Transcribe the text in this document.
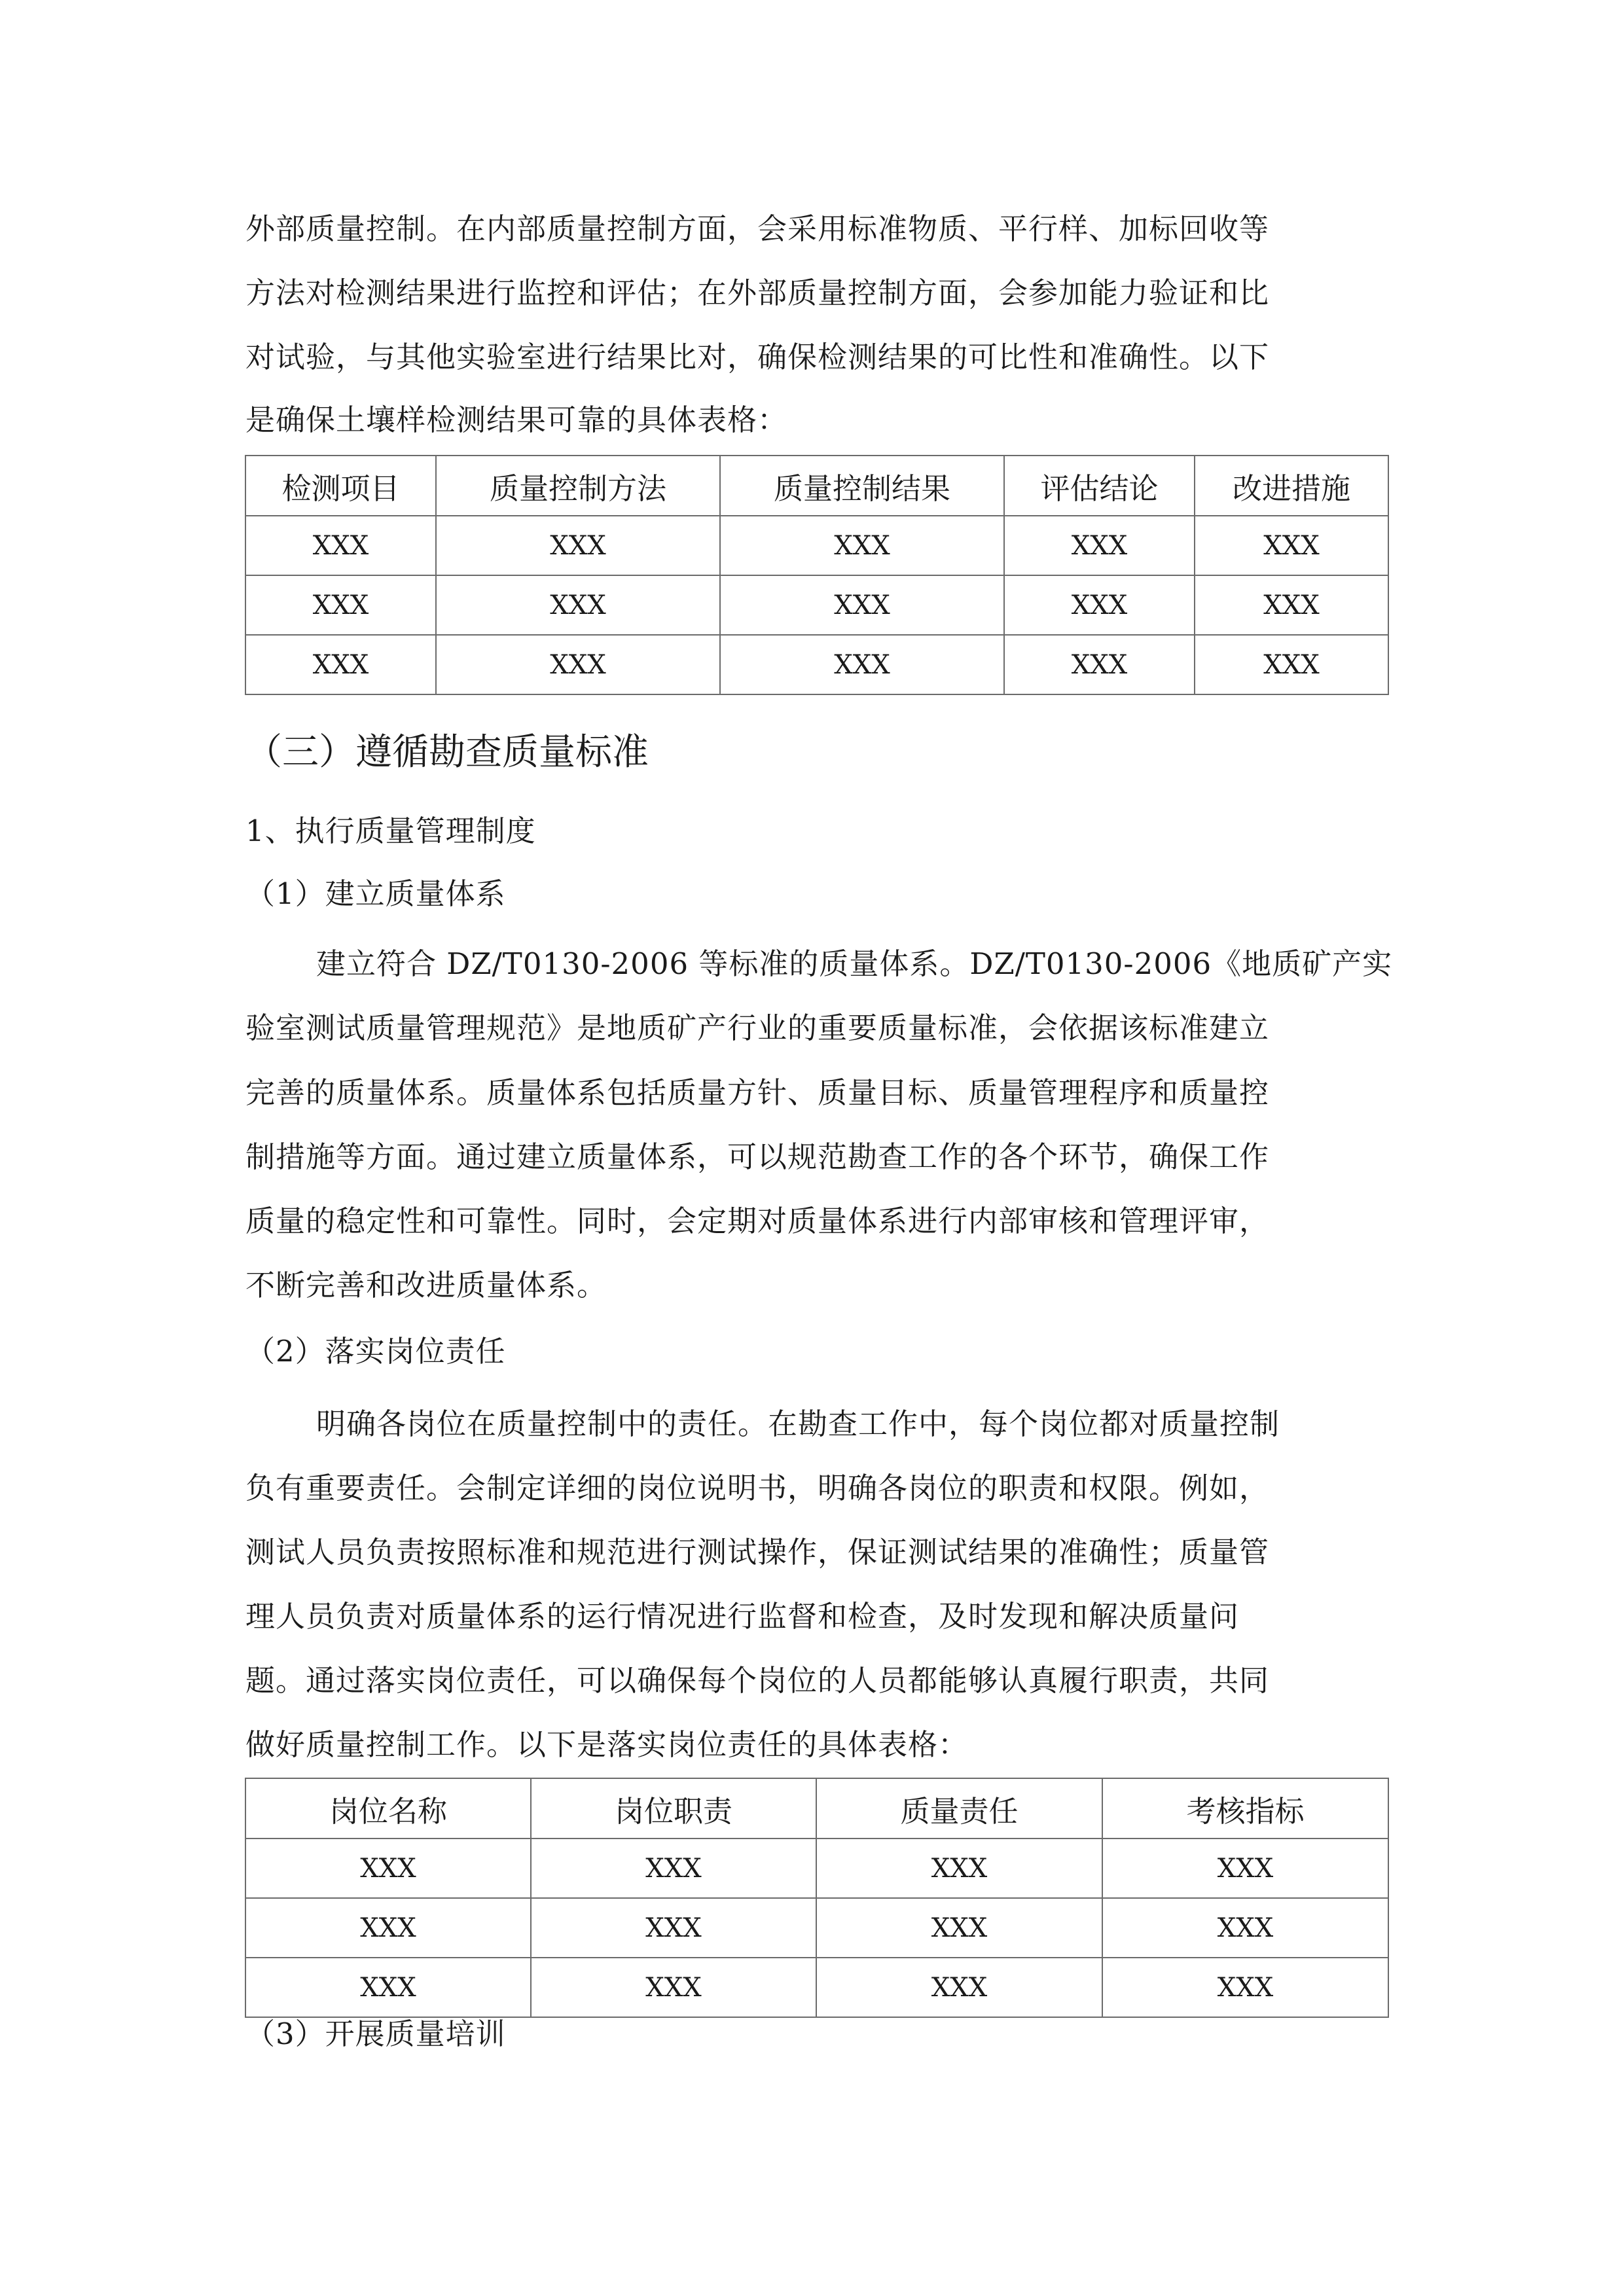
外部质量控制。在内部质量控制方面，会采用标准物质、平行样、加标回收等
方法对检测结果进行监控和评估；在外部质量控制方面，会参加能力验证和比
对试验，与其他实验室进行结果比对，确保检测结果的可比性和准确性。以下
是确保土壤样检测结果可靠的具体表格：
检测项目	质量控制方法	质量控制结果	评估结论	改进措施
XXX	XXX	XXX	XXX	XXX
XXX	XXX	XXX	XXX	XXX
XXX	XXX	XXX	XXX	XXX
（三）遵循勘查质量标准
1、执行质量管理制度
（1）建立质量体系
建立符合 DZ/T0130-2006 等标准的质量体系。DZ/T0130-2006《地质矿产实
验室测试质量管理规范》是地质矿产行业的重要质量标准，会依据该标准建立
完善的质量体系。质量体系包括质量方针、质量目标、质量管理程序和质量控
制措施等方面。通过建立质量体系，可以规范勘查工作的各个环节，确保工作
质量的稳定性和可靠性。同时，会定期对质量体系进行内部审核和管理评审，
不断完善和改进质量体系。
（2）落实岗位责任
明确各岗位在质量控制中的责任。在勘查工作中，每个岗位都对质量控制
负有重要责任。会制定详细的岗位说明书，明确各岗位的职责和权限。例如，
测试人员负责按照标准和规范进行测试操作，保证测试结果的准确性；质量管
理人员负责对质量体系的运行情况进行监督和检查，及时发现和解决质量问
题。通过落实岗位责任，可以确保每个岗位的人员都能够认真履行职责，共同
做好质量控制工作。以下是落实岗位责任的具体表格：
岗位名称	岗位职责	质量责任	考核指标
XXX	XXX	XXX	XXX
XXX	XXX	XXX	XXX
XXX	XXX	XXX	XXX
（3）开展质量培训
